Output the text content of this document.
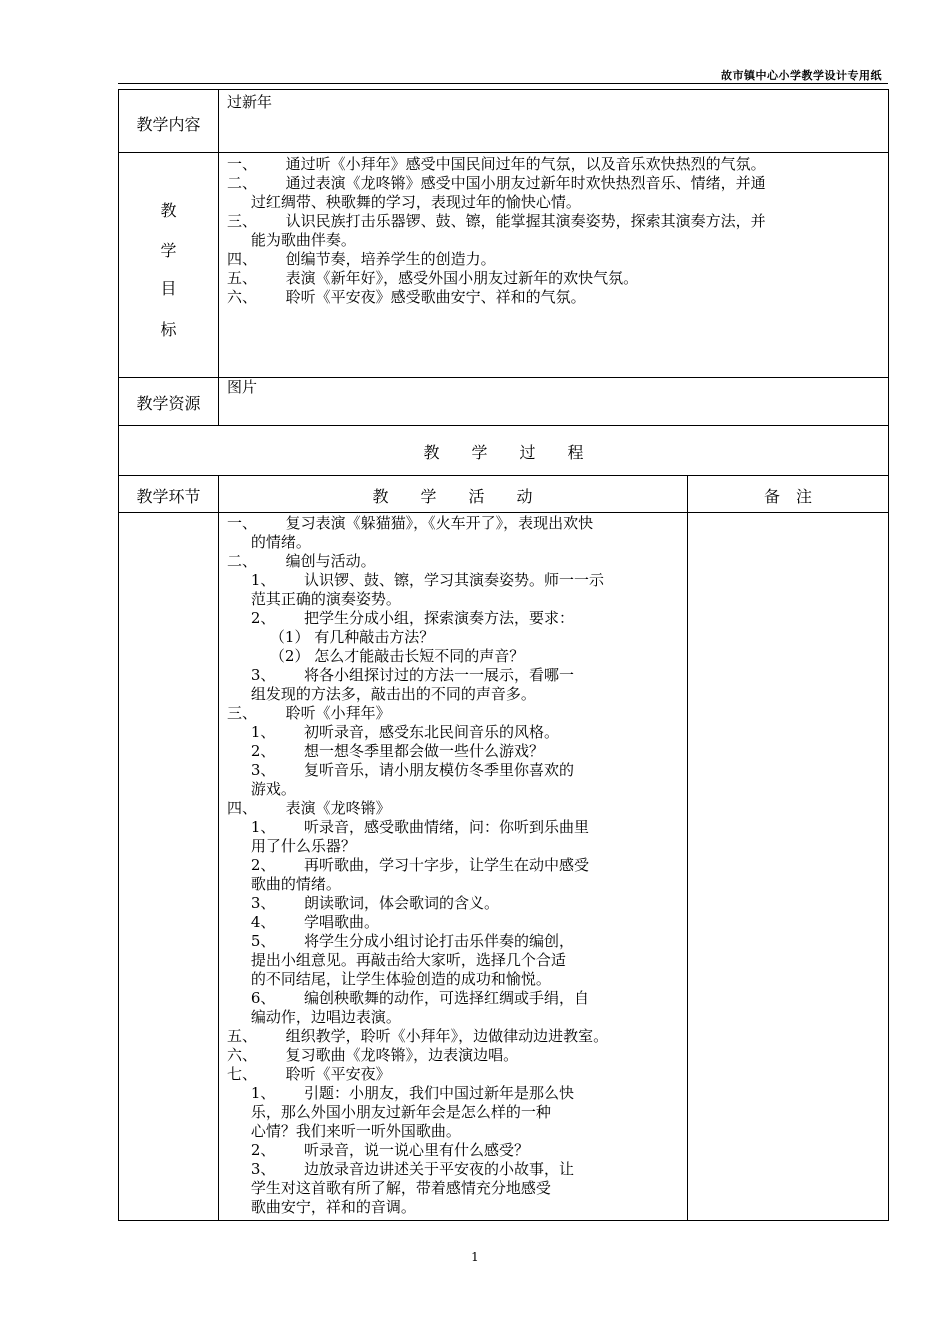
故市镇中心小学教学设计专用纸
教学内容
过新年
教
学
目
标
一、      通过听《小拜年》感受中国民间过年的气氛，以及音乐欢快热烈的气氛。
二、      通过表演《龙咚锵》感受中国小朋友过新年时欢快热烈音乐、情绪，并通
过红绸带、秧歌舞的学习，表现过年的愉快心情。
三、      认识民族打击乐器锣、鼓、镲，能掌握其演奏姿势，探索其演奏方法，并
能为歌曲伴奏。
四、      创编节奏，培养学生的创造力。
五、      表演《新年好》，感受外国小朋友过新年的欢快气氛。
六、      聆听《平安夜》感受歌曲安宁、祥和的气氛。
教学资源
图片
教　　学　　过　　程
教学环节	教　　学　　活　　动	备　注
一、      复习表演《躲猫猫》，《火车开了》，表现出欢快
的情绪。
二、      编创与活动。
1、      认识锣、鼓、镲，学习其演奏姿势。师一一示
范其正确的演奏姿势。
2、      把学生分成小组，探索演奏方法，要求：
（1） 有几种敲击方法？
（2） 怎么才能敲击长短不同的声音？
3、      将各小组探讨过的方法一一展示，看哪一
组发现的方法多，敲击出的不同的声音多。
三、      聆听《小拜年》
1、      初听录音，感受东北民间音乐的风格。
2、      想一想冬季里都会做一些什么游戏？
3、      复听音乐，请小朋友模仿冬季里你喜欢的
游戏。
四、      表演《龙咚锵》
1、      听录音，感受歌曲情绪，问：你听到乐曲里
用了什么乐器？
2、      再听歌曲，学习十字步，让学生在动中感受
歌曲的情绪。
3、      朗读歌词，体会歌词的含义。
4、      学唱歌曲。
5、      将学生分成小组讨论打击乐伴奏的编创，
提出小组意见。再敲击给大家听，选择几个合适
的不同结尾，让学生体验创造的成功和愉悦。
6、      编创秧歌舞的动作，可选择红绸或手绢，自
编动作，边唱边表演。
五、      组织教学，聆听《小拜年》，边做律动边进教室。
六、      复习歌曲《龙咚锵》，边表演边唱。
七、      聆听《平安夜》
1、      引题：小朋友，我们中国过新年是那么快
乐，那么外国小朋友过新年会是怎么样的一种
心情？我们来听一听外国歌曲。
2、      听录音，说一说心里有什么感受？
3、      边放录音边讲述关于平安夜的小故事，让
学生对这首歌有所了解，带着感情充分地感受
歌曲安宁，祥和的音调。
1
